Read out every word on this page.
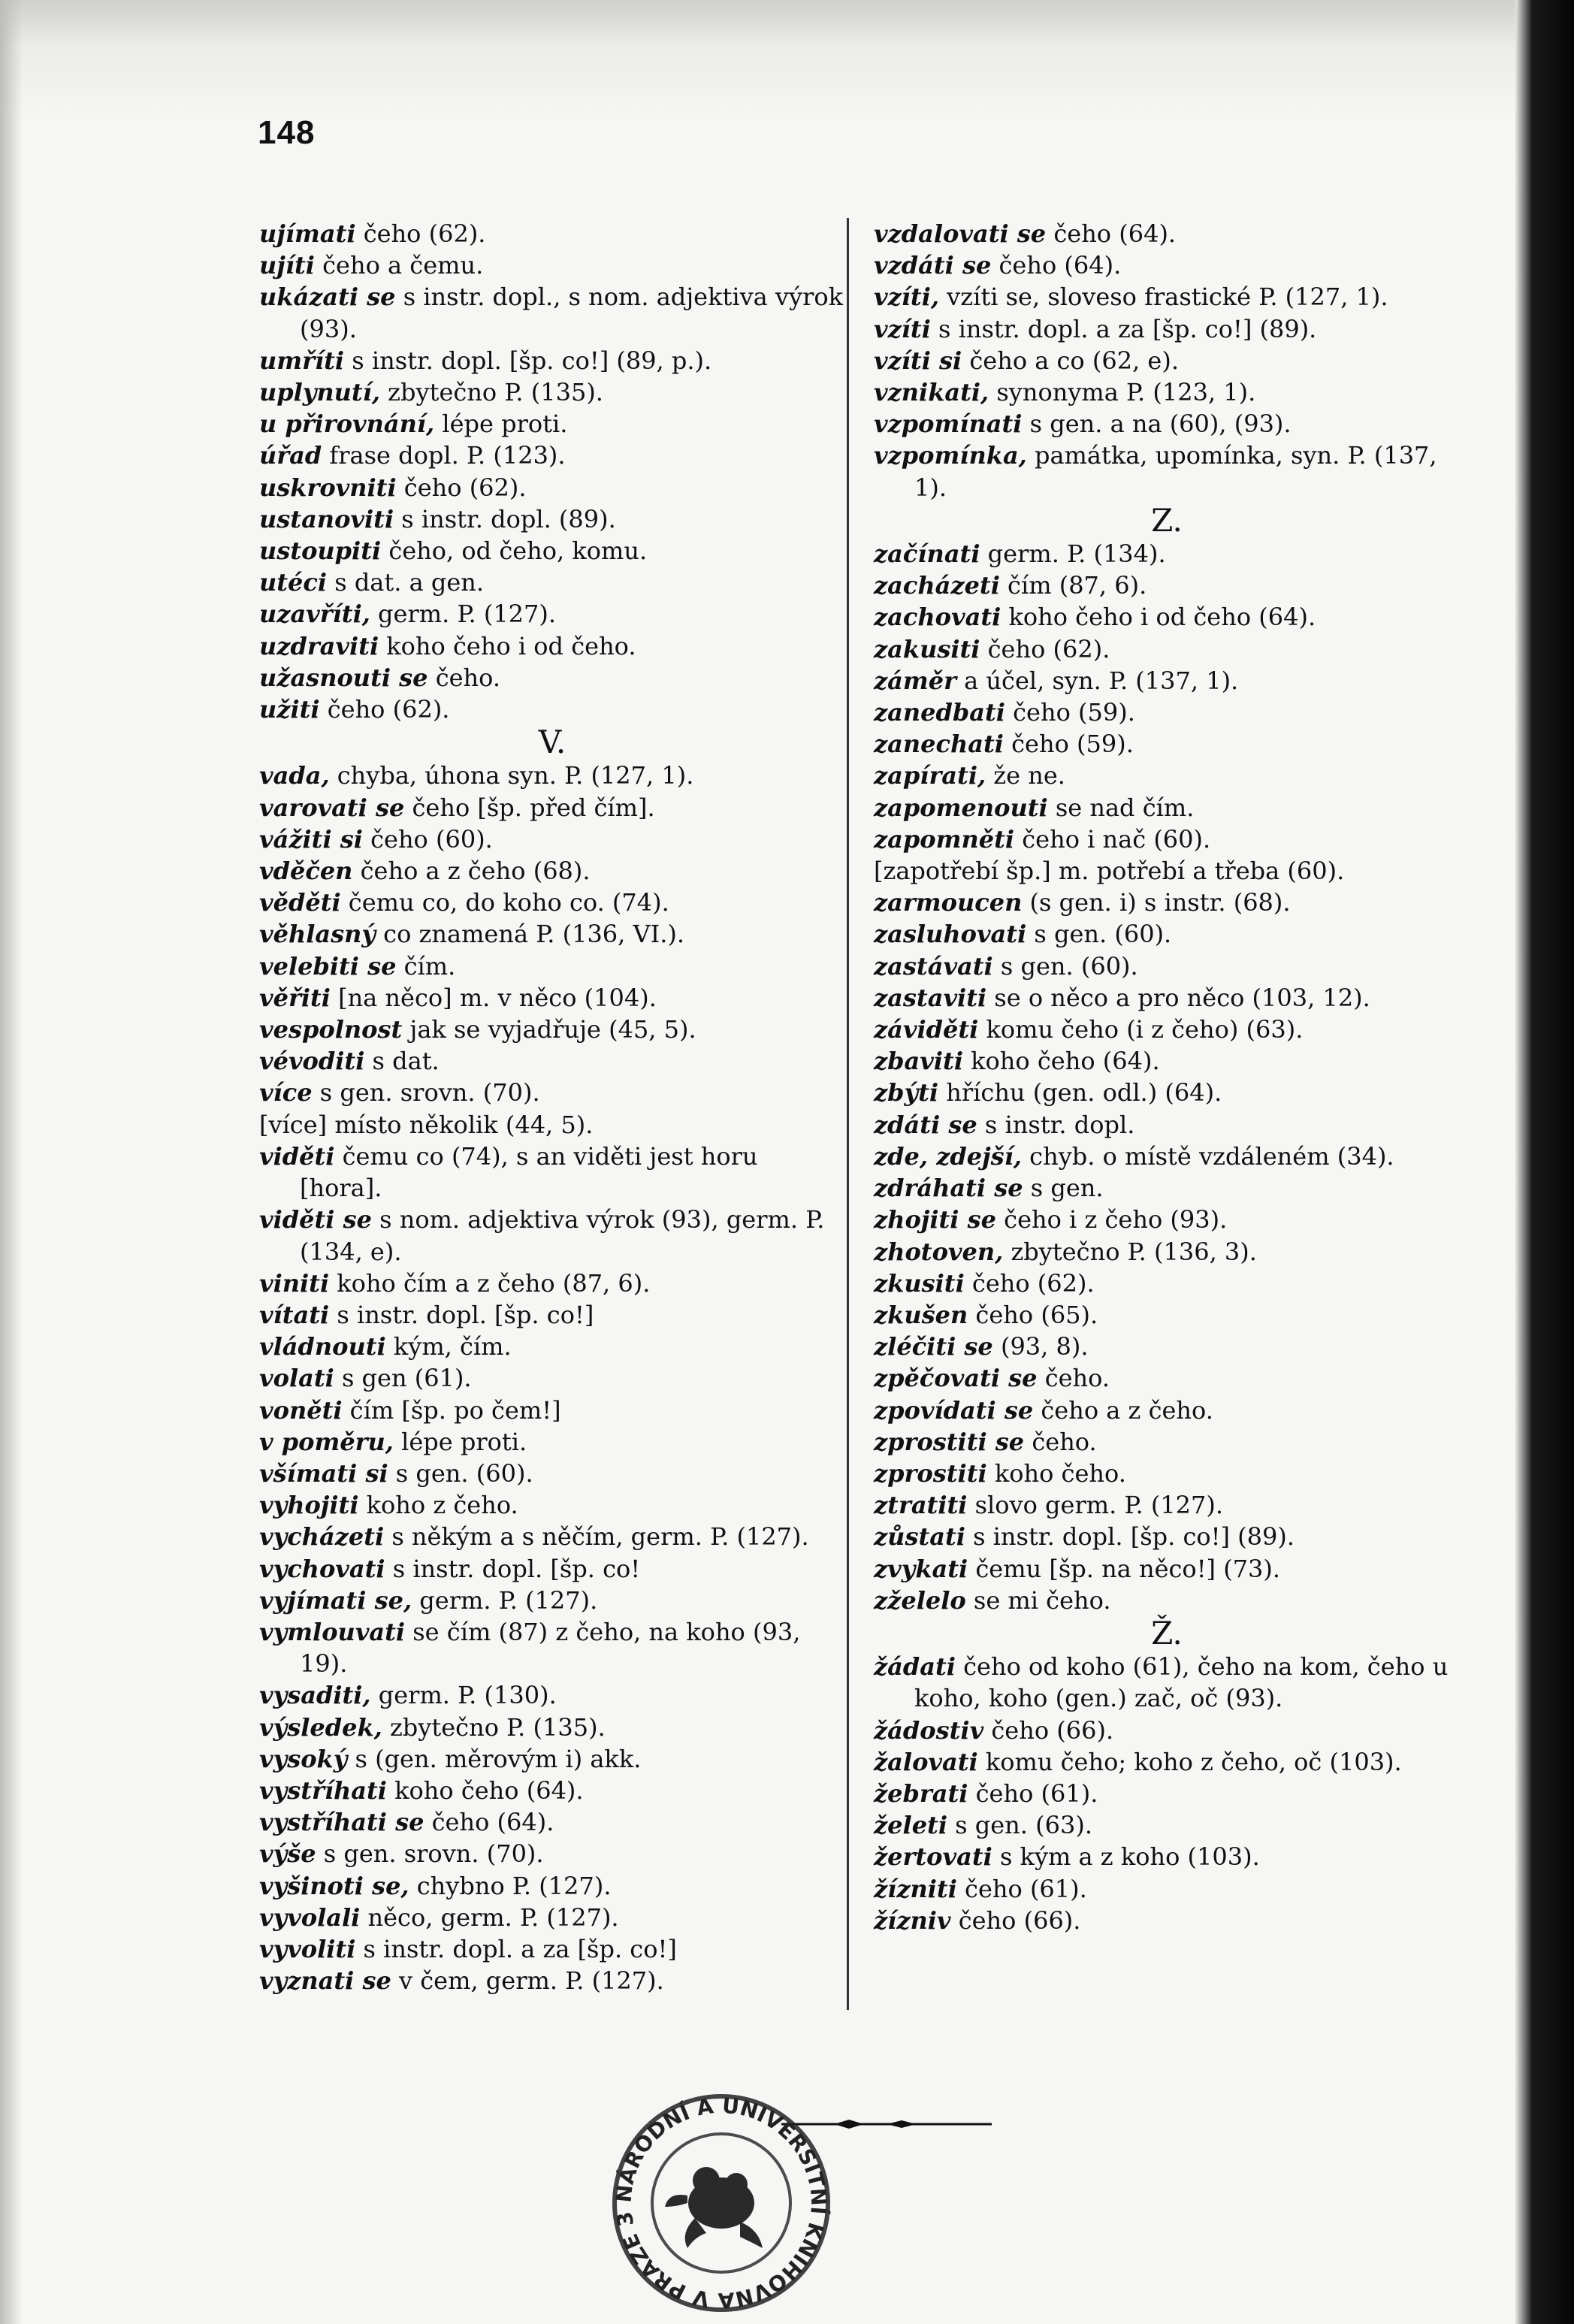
148
ujímati čeho (62).
ujíti čeho a čemu.
ukázati se s instr. dopl., s nom. adjektiva výrok (93).
umříti s instr. dopl. [šp. co!] (89, p.).
uplynutí, zbytečno P. (135).
u přirovnání, lépe proti.
úřad frase dopl. P. (123).
uskrovniti čeho (62).
ustanoviti s instr. dopl. (89).
ustoupiti čeho, od čeho, komu.
utéci s dat. a gen.
uzavříti, germ. P. (127).
uzdraviti koho čeho i od čeho.
užasnouti se čeho.
užiti čeho (62).
V.
vada, chyba, úhona syn. P. (127, 1).
varovati se čeho [šp. před čím].
vážiti si čeho (60).
vděčen čeho a z čeho (68).
věděti čemu co, do koho co. (74).
věhlasný co znamená P. (136, VI.).
velebiti se čím.
věřiti [na něco] m. v něco (104).
vespolnost jak se vyjadřuje (45, 5).
vévoditi s dat.
více s gen. srovn. (70).
[více] místo několik (44, 5).
viděti čemu co (74), s an viděti jest horu [hora].
viděti se s nom. adjektiva výrok (93), germ. P. (134, e).
viniti koho čím a z čeho (87, 6).
vítati s instr. dopl. [šp. co!]
vládnouti kým, čím.
volati s gen (61).
voněti čím [šp. po čem!]
v poměru, lépe proti.
všímati si s gen. (60).
vyhojiti koho z čeho.
vycházeti s někým a s něčím, germ. P. (127).
vychovati s instr. dopl. [šp. co!
vyjímati se, germ. P. (127).
vymlouvati se čím (87) z čeho, na koho (93, 19).
vysaditi, germ. P. (130).
výsledek, zbytečno P. (135).
vysoký s (gen. měrovým i) akk.
vystříhati koho čeho (64).
vystříhati se čeho (64).
výše s gen. srovn. (70).
vyšinoti se, chybno P. (127).
vyvolali něco, germ. P. (127).
vyvoliti s instr. dopl. a za [šp. co!]
vyznati se v čem, germ. P. (127).
vzdalovati se čeho (64).
vzdáti se čeho (64).
vzíti, vzíti se, sloveso frastické P. (127, 1).
vzíti s instr. dopl. a za [šp. co!] (89).
vzíti si čeho a co (62, e).
vznikati, synonyma P. (123, 1).
vzpomínati s gen. a na (60), (93).
vzpomínka, památka, upomínka, syn. P. (137, 1).
Z.
začínati germ. P. (134).
zacházeti čím (87, 6).
zachovati koho čeho i od čeho (64).
zakusiti čeho (62).
záměr a účel, syn. P. (137, 1).
zanedbati čeho (59).
zanechati čeho (59).
zapírati, že ne.
zapomenouti se nad čím.
zapomněti čeho i nač (60).
[zapotřebí šp.] m. potřebí a třeba (60).
zarmoucen (s gen. i) s instr. (68).
zasluhovati s gen. (60).
zastávati s gen. (60).
zastaviti se o něco a pro něco (103, 12).
záviděti komu čeho (i z čeho) (63).
zbaviti koho čeho (64).
zbýti hříchu (gen. odl.) (64).
zdáti se s instr. dopl.
zde, zdejší, chyb. o místě vzdáleném (34).
zdráhati se s gen.
zhojiti se čeho i z čeho (93).
zhotoven, zbytečno P. (136, 3).
zkusiti čeho (62).
zkušen čeho (65).
zléčiti se (93, 8).
zpěčovati se čeho.
zpovídati se čeho a z čeho.
zprostiti se čeho.
zprostiti koho čeho.
ztratiti slovo germ. P. (127).
zůstati s instr. dopl. [šp. co!] (89).
zvykati čemu [šp. na něco!] (73).
zželelo se mi čeho.
Ž.
žádati čeho od koho (61), čeho na kom, čeho u koho, koho (gen.) zač, oč (93).
žádostiv čeho (66).
žalovati komu čeho; koho z čeho, oč (103).
žebrati čeho (61).
želeti s gen. (63).
žertovati s kým a z koho (103).
žízniti čeho (61).
žízniv čeho (66).
NÁRODNÍ A UNIVERSITNÍ KNIHOVNA V PRAZE 3
